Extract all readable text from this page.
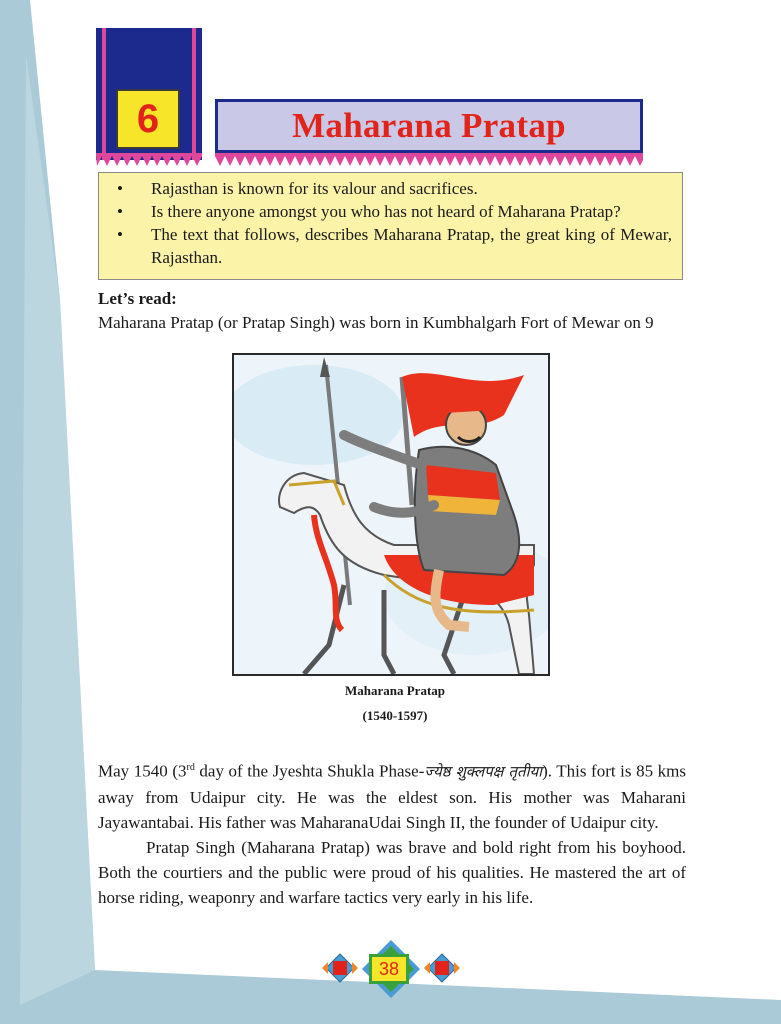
6	Maharana Pratap
• Rajasthan is known for its valour and sacrifices.
• Is there anyone amongst you who has not heard of Maharana Pratap?
• The text that follows, describes Maharana Pratap, the great king of Mewar, Rajasthan.
Let’s read:
Maharana Pratap (or Pratap Singh) was born in Kumbhalgarh Fort of Mewar on 9
Maharana Pratap
(1540-1597)
May 1540 (3rd day of the Jyeshta Shukla Phase-ज्येष्ठ शुक्लपक्ष तृतीया). This fort is 85 kms away from Udaipur city. He was the eldest son. His mother was Maharani Jayawantabai. His father was MaharanaUdai Singh II, the founder of Udaipur city.
Pratap Singh (Maharana Pratap) was brave and bold right from his boyhood. Both the courtiers and the public were proud of his qualities. He mastered the art of horse riding, weaponry and warfare tactics very early in his life.
38
